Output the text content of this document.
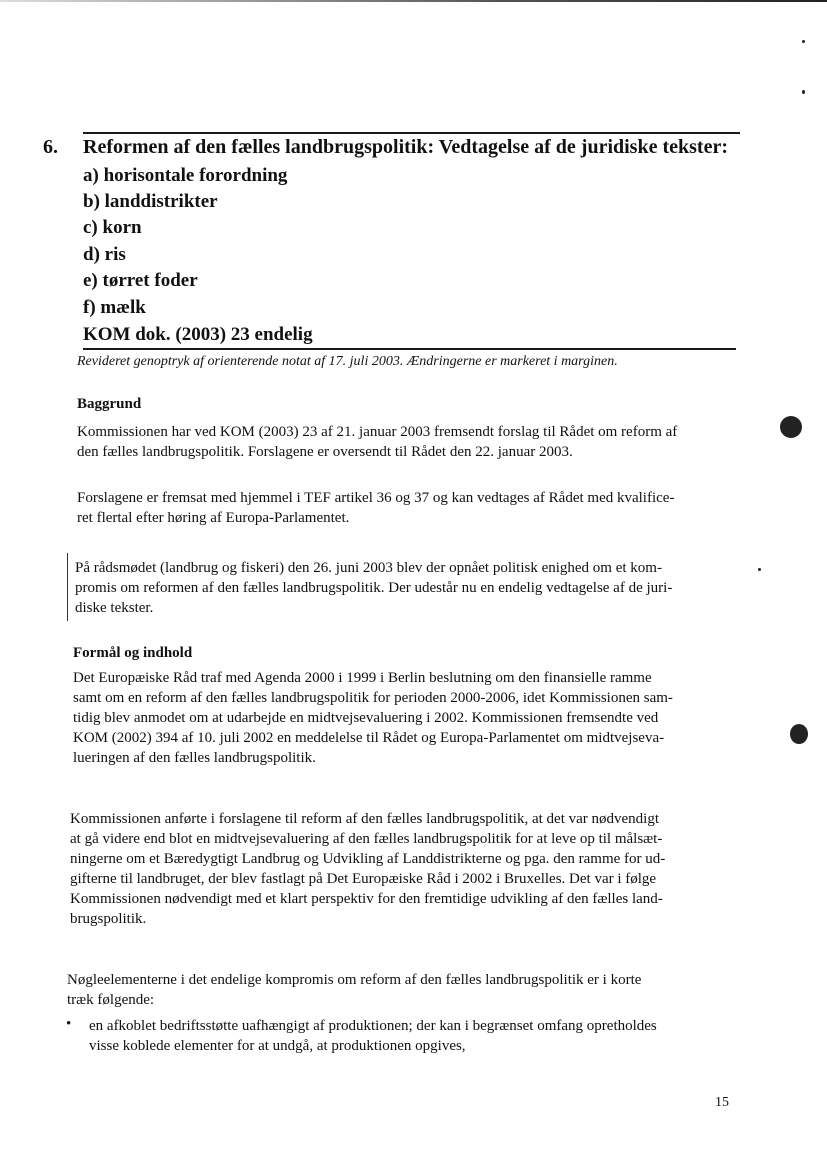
6. Reformen af den fælles landbrugspolitik: Vedtagelse af de juridiske tekster:
a) horisontale forordning
b) landdistrikter
c) korn
d) ris
e) tørret foder
f) mælk
KOM dok. (2003) 23 endelig
Revideret genoptryk af orienterende notat af 17. juli 2003. Ændringerne er markeret i marginen.
Baggrund
Kommissionen har ved KOM (2003) 23 af 21. januar 2003 fremsendt forslag til Rådet om reform af
den fælles landbrugspolitik. Forslagene er oversendt til Rådet den 22. januar 2003.
Forslagene er fremsat med hjemmel i TEF artikel 36 og 37 og kan vedtages af Rådet med kvalifice-
ret flertal efter høring af Europa-Parlamentet.
På rådsmødet (landbrug og fiskeri) den 26. juni 2003 blev der opnået politisk enighed om et kom-
promis om reformen af den fælles landbrugspolitik. Der udestår nu en endelig vedtagelse af de juri-
diske tekster.
Formål og indhold
Det Europæiske Råd traf med Agenda 2000 i 1999 i Berlin beslutning om den finansielle ramme
samt om en reform af den fælles landbrugspolitik for perioden 2000-2006, idet Kommissionen sam-
tidig blev anmodet om at udarbejde en midtvejsevaluering i 2002. Kommissionen fremsendte ved
KOM (2002) 394 af 10. juli 2002 en meddelelse til Rådet og Europa-Parlamentet om midtvejseva-
lueringen af den fælles landbrugspolitik.
Kommissionen anførte i forslagene til reform af den fælles landbrugspolitik, at det var nødvendigt
at gå videre end blot en midtvejsevaluering af den fælles landbrugspolitik for at leve op til målsæt-
ningerne om et Bæredygtigt Landbrug og Udvikling af Landdistrikterne og pga. den ramme for ud-
gifterne til landbruget, der blev fastlagt på Det Europæiske Råd i 2002 i Bruxelles. Det var i følge
Kommissionen nødvendigt med et klart perspektiv for den fremtidige udvikling af den fælles land-
brugspolitik.
Nøgleelementerne i det endelige kompromis om reform af den fælles landbrugspolitik er i korte
træk følgende:
• en afkoblet bedriftsstøtte uafhængigt af produktionen; der kan i begrænset omfang opretholdes
visse koblede elementer for at undgå, at produktionen opgives,
15
